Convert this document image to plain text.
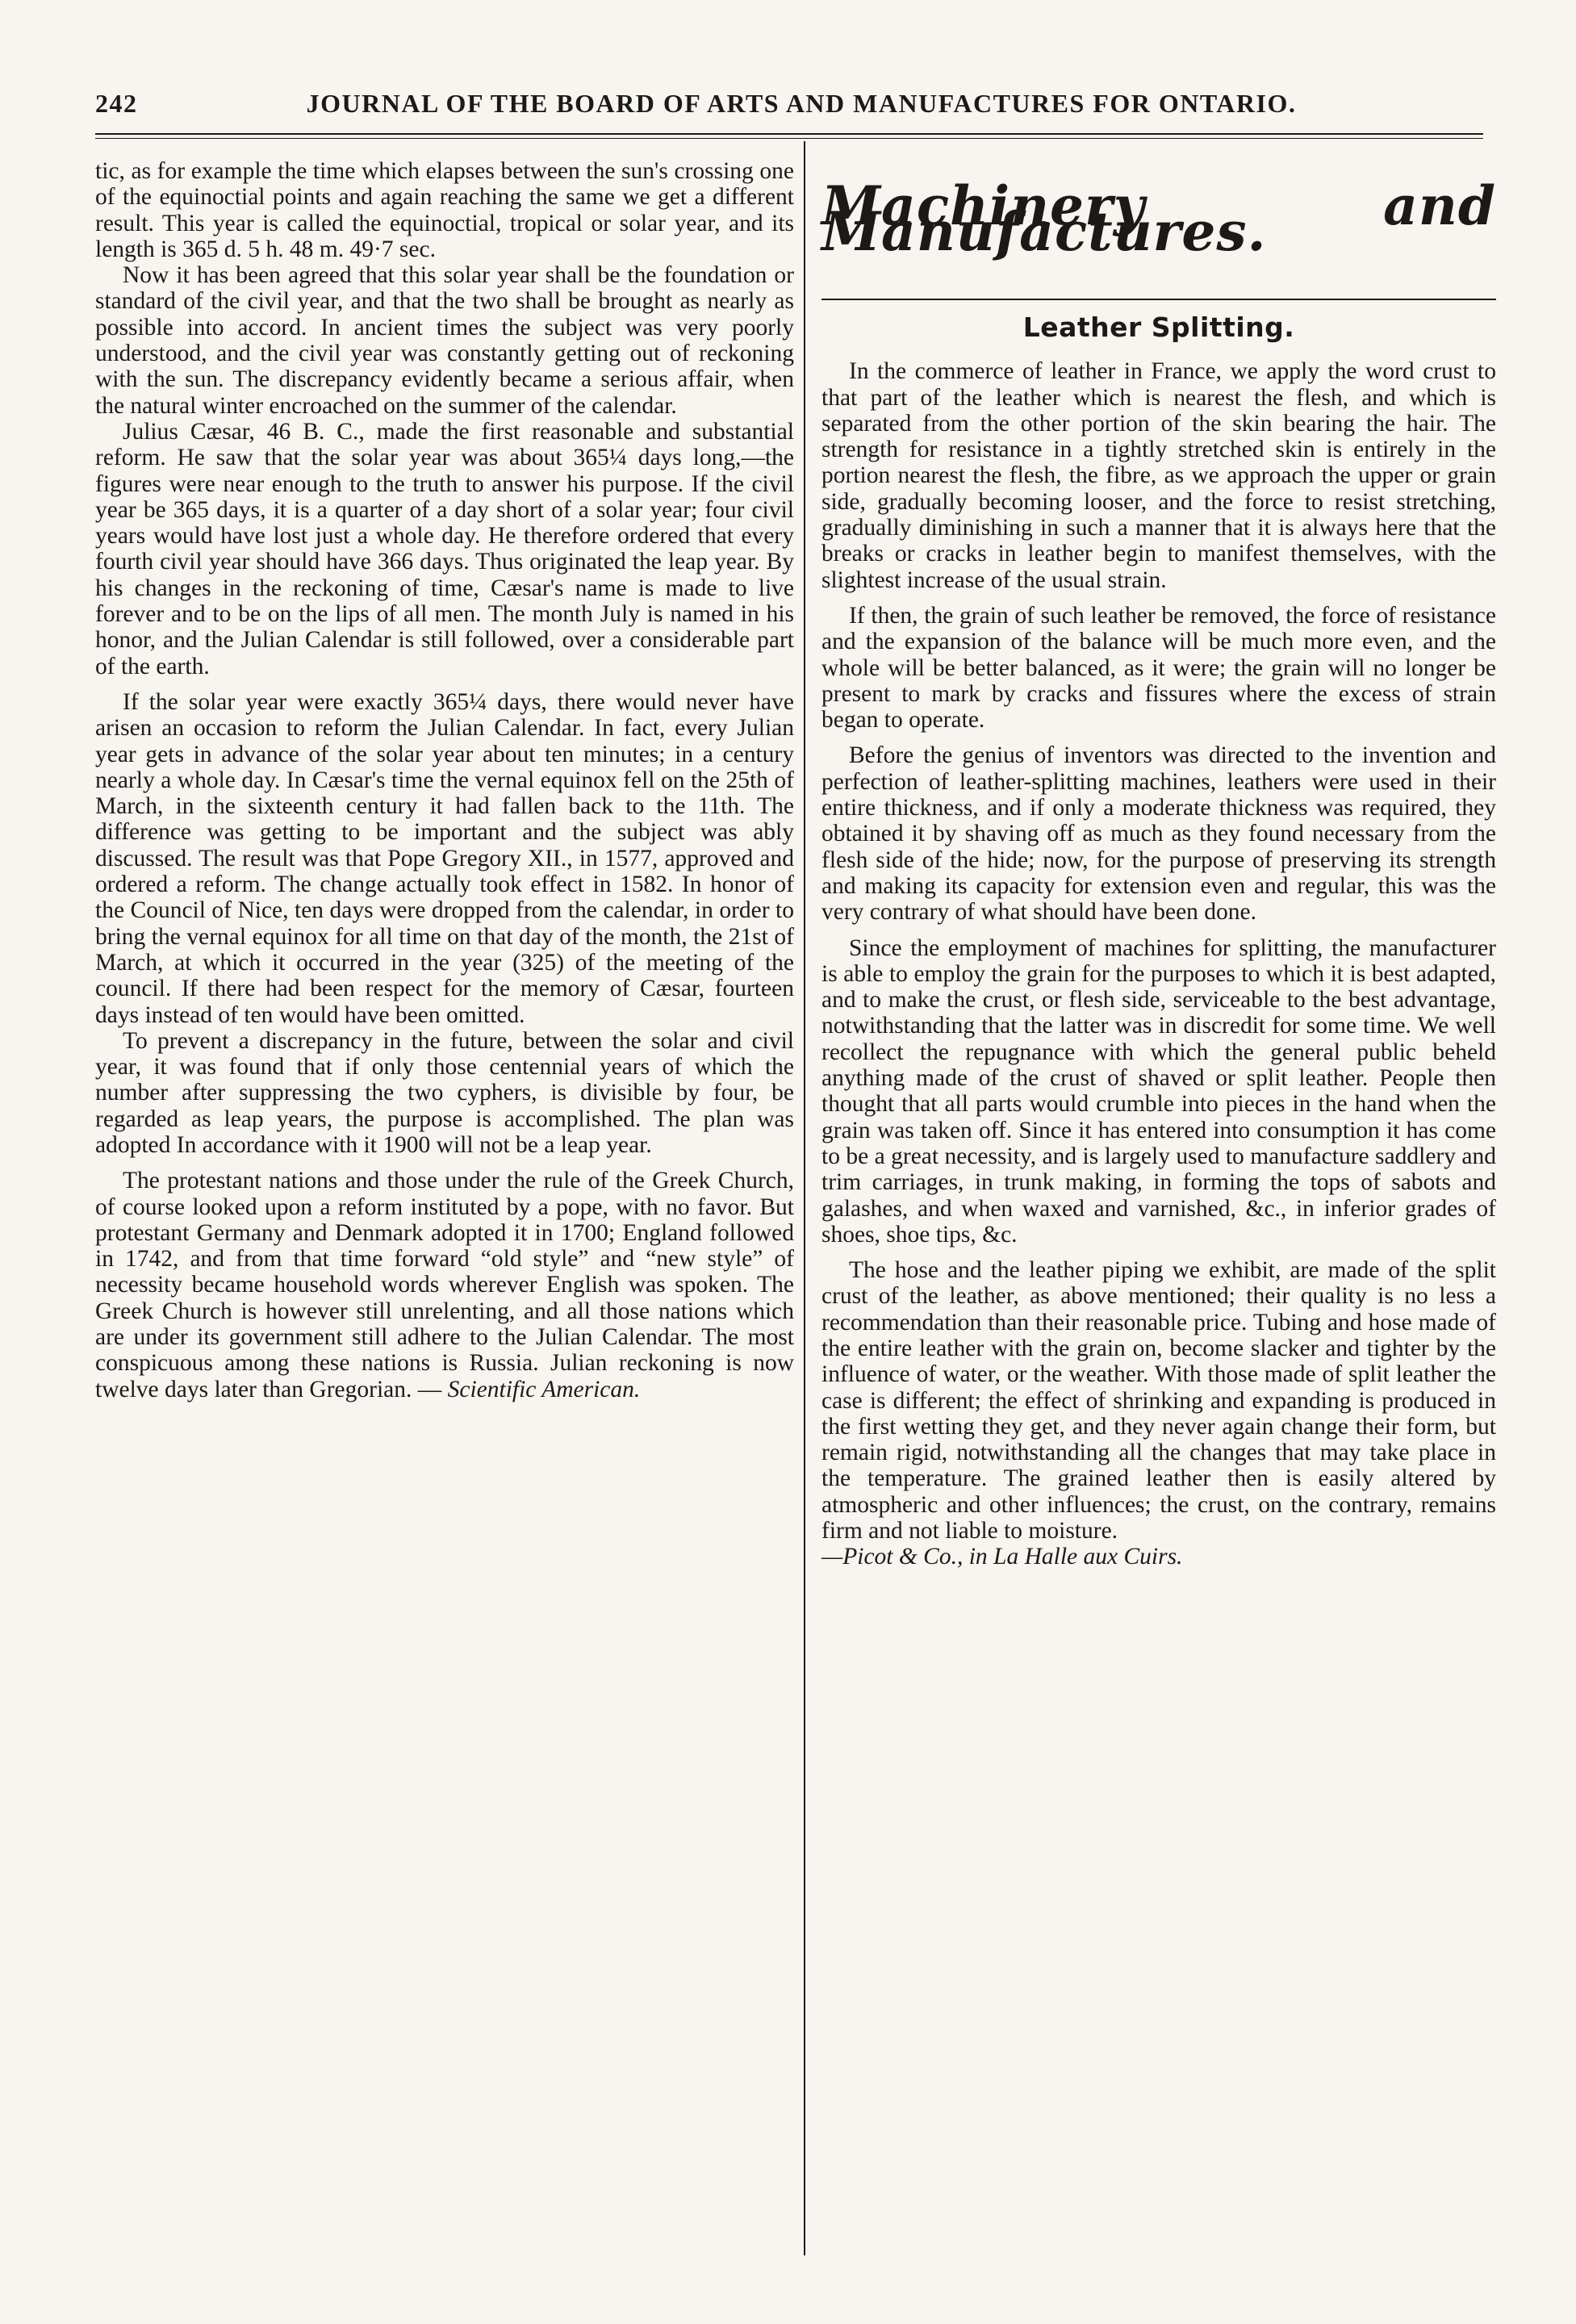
242	JOURNAL OF THE BOARD OF ARTS AND MANUFACTURES FOR ONTARIO.

tic, as for example the time which elapses between the sun's crossing one of the equinoctial points and again reaching the same we get a different result. This year is called the equinoctial, tropical or solar year, and its length is 365 d. 5 h. 48 m. 49·7 sec.

Now it has been agreed that this solar year shall be the foundation or standard of the civil year, and that the two shall be brought as nearly as possible into accord. In ancient times the subject was very poorly understood, and the civil year was constantly getting out of reckoning with the sun. The discrepancy evidently became a serious affair, when the natural winter encroached on the summer of the calendar.

Julius Cæsar, 46 B. C., made the first reasonable and substantial reform. He saw that the solar year was about 365¼ days long,—the figures were near enough to the truth to answer his purpose. If the civil year be 365 days, it is a quarter of a day short of a solar year; four civil years would have lost just a whole day. He therefore ordered that every fourth civil year should have 366 days. Thus originated the leap year. By his changes in the reckoning of time, Cæsar's name is made to live forever and to be on the lips of all men. The month July is named in his honor, and the Julian Calendar is still followed, over a considerable part of the earth.

If the solar year were exactly 365¼ days, there would never have arisen an occasion to reform the Julian Calendar. In fact, every Julian year gets in advance of the solar year about ten minutes; in a century nearly a whole day. In Cæsar's time the vernal equinox fell on the 25th of March, in the sixteenth century it had fallen back to the 11th. The difference was getting to be important and the subject was ably discussed. The result was that Pope Gregory XII., in 1577, approved and ordered a reform. The change actually took effect in 1582. In honor of the Council of Nice, ten days were dropped from the calendar, in order to bring the vernal equinox for all time on that day of the month, the 21st of March, at which it occurred in the year (325) of the meeting of the council. If there had been respect for the memory of Cæsar, fourteen days instead of ten would have been omitted.

To prevent a discrepancy in the future, between the solar and civil year, it was found that if only those centennial years of which the number after suppressing the two cyphers, is divisible by four, be regarded as leap years, the purpose is accomplished. The plan was adopted In accordance with it 1900 will not be a leap year.

The protestant nations and those under the rule of the Greek Church, of course looked upon a reform instituted by a pope, with no favor. But protestant Germany and Denmark adopted it in 1700; England followed in 1742, and from that time forward “old style” and “new style” of necessity became household words wherever English was spoken. The Greek Church is however still unrelenting, and all those nations which are under its government still adhere to the Julian Calendar. The most conspicuous among these nations is Russia. Julian reckoning is now twelve days later than Gregorian. — Scientific American.

Machinery and Manufactures.
Leather Splitting.

In the commerce of leather in France, we apply the word crust to that part of the leather which is nearest the flesh, and which is separated from the other portion of the skin bearing the hair. The strength for resistance in a tightly stretched skin is entirely in the portion nearest the flesh, the fibre, as we approach the upper or grain side, gradually becoming looser, and the force to resist stretching, gradually diminishing in such a manner that it is always here that the breaks or cracks in leather begin to manifest themselves, with the slightest increase of the usual strain.

If then, the grain of such leather be removed, the force of resistance and the expansion of the balance will be much more even, and the whole will be better balanced, as it were; the grain will no longer be present to mark by cracks and fissures where the excess of strain began to operate.

Before the genius of inventors was directed to the invention and perfection of leather-splitting machines, leathers were used in their entire thickness, and if only a moderate thickness was required, they obtained it by shaving off as much as they found necessary from the flesh side of the hide; now, for the purpose of preserving its strength and making its capacity for extension even and regular, this was the very contrary of what should have been done.

Since the employment of machines for splitting, the manufacturer is able to employ the grain for the purposes to which it is best adapted, and to make the crust, or flesh side, serviceable to the best advantage, notwithstanding that the latter was in discredit for some time. We well recollect the repugnance with which the general public beheld anything made of the crust of shaved or split leather. People then thought that all parts would crumble into pieces in the hand when the grain was taken off. Since it has entered into consumption it has come to be a great necessity, and is largely used to manufacture saddlery and trim carriages, in trunk making, in forming the tops of sabots and galashes, and when waxed and varnished, &c., in inferior grades of shoes, shoe tips, &c.

The hose and the leather piping we exhibit, are made of the split crust of the leather, as above mentioned; their quality is no less a recommendation than their reasonable price. Tubing and hose made of the entire leather with the grain on, become slacker and tighter by the influence of water, or the weather. With those made of split leather the case is different; the effect of shrinking and expanding is produced in the first wetting they get, and they never again change their form, but remain rigid, notwithstanding all the changes that may take place in the temperature. The grained leather then is easily altered by atmospheric and other influences; the crust, on the contrary, remains firm and not liable to moisture.

—Picot & Co., in La Halle aux Cuirs.
